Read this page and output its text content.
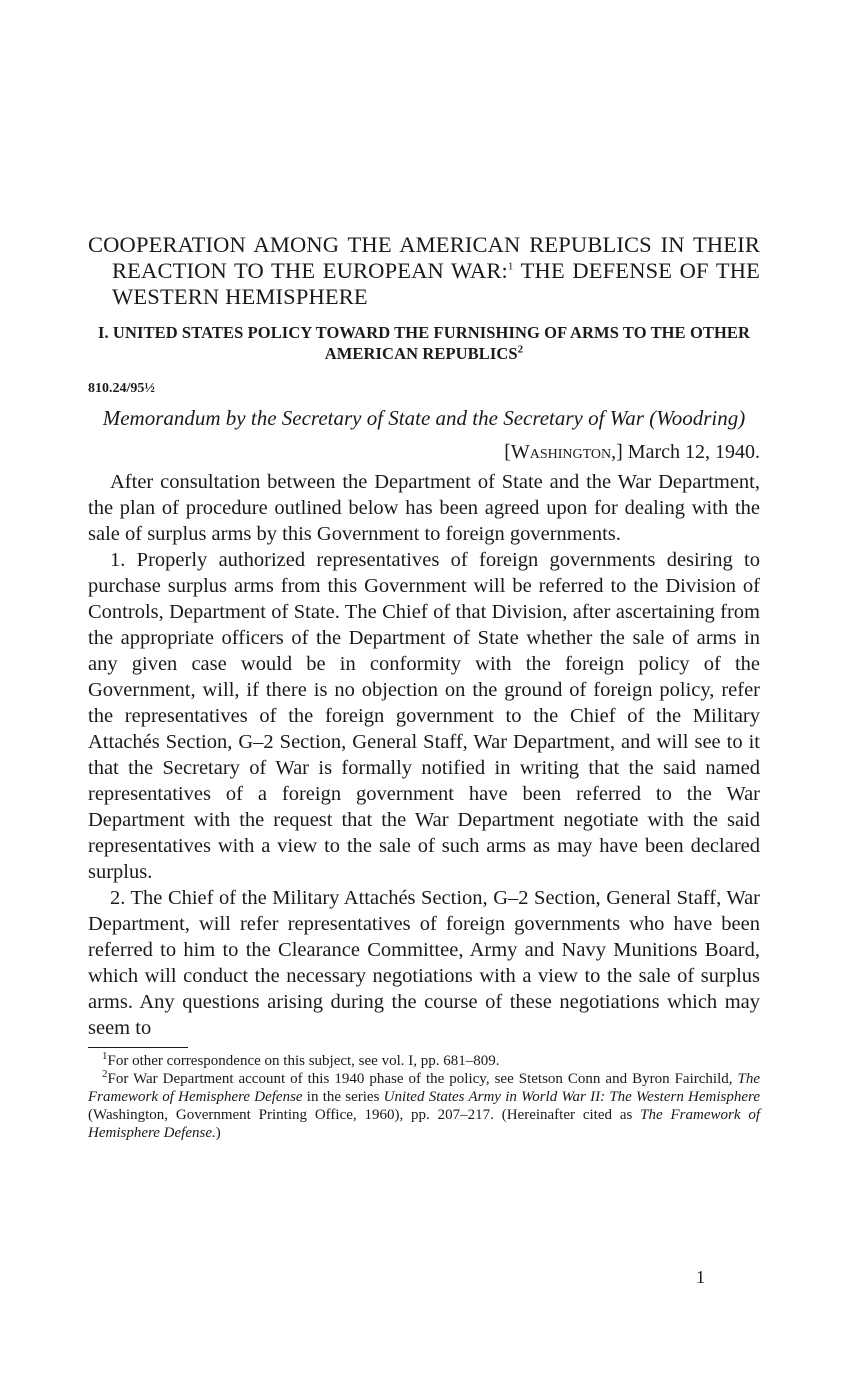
COOPERATION AMONG THE AMERICAN REPUBLICS IN THEIR REACTION TO THE EUROPEAN WAR:$^1$ THE DEFENSE OF THE WESTERN HEMISPHERE
I. UNITED STATES POLICY TOWARD THE FURNISHING OF ARMS TO THE OTHER AMERICAN REPUBLICS$^2$
810.24/95½
Memorandum by the Secretary of State and the Secretary of War (Woodring)
[Washington,] March 12, 1940.

After consultation between the Department of State and the War Department, the plan of procedure outlined below has been agreed upon for dealing with the sale of surplus arms by this Government to foreign governments.

1. Properly authorized representatives of foreign governments desiring to purchase surplus arms from this Government will be referred to the Division of Controls, Department of State. The Chief of that Division, after ascertaining from the appropriate officers of the Department of State whether the sale of arms in any given case would be in conformity with the foreign policy of the Government, will, if there is no objection on the ground of foreign policy, refer the representatives of the foreign government to the Chief of the Military Attachés Section, G–2 Section, General Staff, War Department, and will see to it that the Secretary of War is formally notified in writing that the said named representatives of a foreign government have been referred to the War Department with the request that the War Department negotiate with the said representatives with a view to the sale of such arms as may have been declared surplus.

2. The Chief of the Military Attachés Section, G–2 Section, General Staff, War Department, will refer representatives of foreign governments who have been referred to him to the Clearance Committee, Army and Navy Munitions Board, which will conduct the necessary negotiations with a view to the sale of surplus arms. Any questions arising during the course of these negotiations which may seem to

$^1$For other correspondence on this subject, see vol. I, pp. 681–809.

$^2$For War Department account of this 1940 phase of the policy, see Stetson Conn and Byron Fairchild, The Framework of Hemisphere Defense in the series United States Army in World War II: The Western Hemisphere (Washington, Government Printing Office, 1960), pp. 207–217. (Hereinafter cited as The Framework of Hemisphere Defense.)

1
